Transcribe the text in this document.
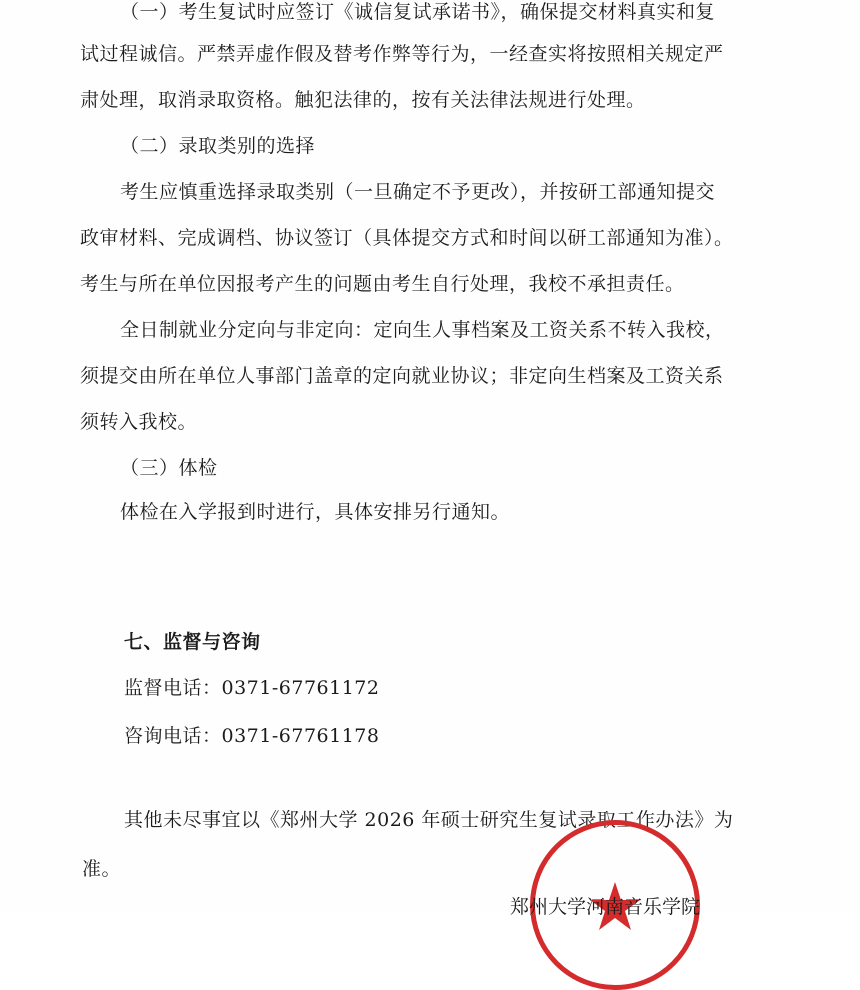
（一）考生复试时应签订《诚信复试承诺书》，确保提交材料真实和复
试过程诚信。严禁弄虚作假及替考作弊等行为，一经查实将按照相关规定严
肃处理，取消录取资格。触犯法律的，按有关法律法规进行处理。
（二）录取类别的选择
考生应慎重选择录取类别（一旦确定不予更改），并按研工部通知提交
政审材料、完成调档、协议签订（具体提交方式和时间以研工部通知为准）。
考生与所在单位因报考产生的问题由考生自行处理，我校不承担责任。
全日制就业分定向与非定向：定向生人事档案及工资关系不转入我校，
须提交由所在单位人事部门盖章的定向就业协议；非定向生档案及工资关系
须转入我校。
（三）体检
体检在入学报到时进行，具体安排另行通知。
七、监督与咨询
监督电话：0371-67761172
咨询电话：0371-67761178
其他未尽事宜以《郑州大学 2026 年硕士研究生复试录取工作办法》为
准。
郑州大学河南音乐学院
